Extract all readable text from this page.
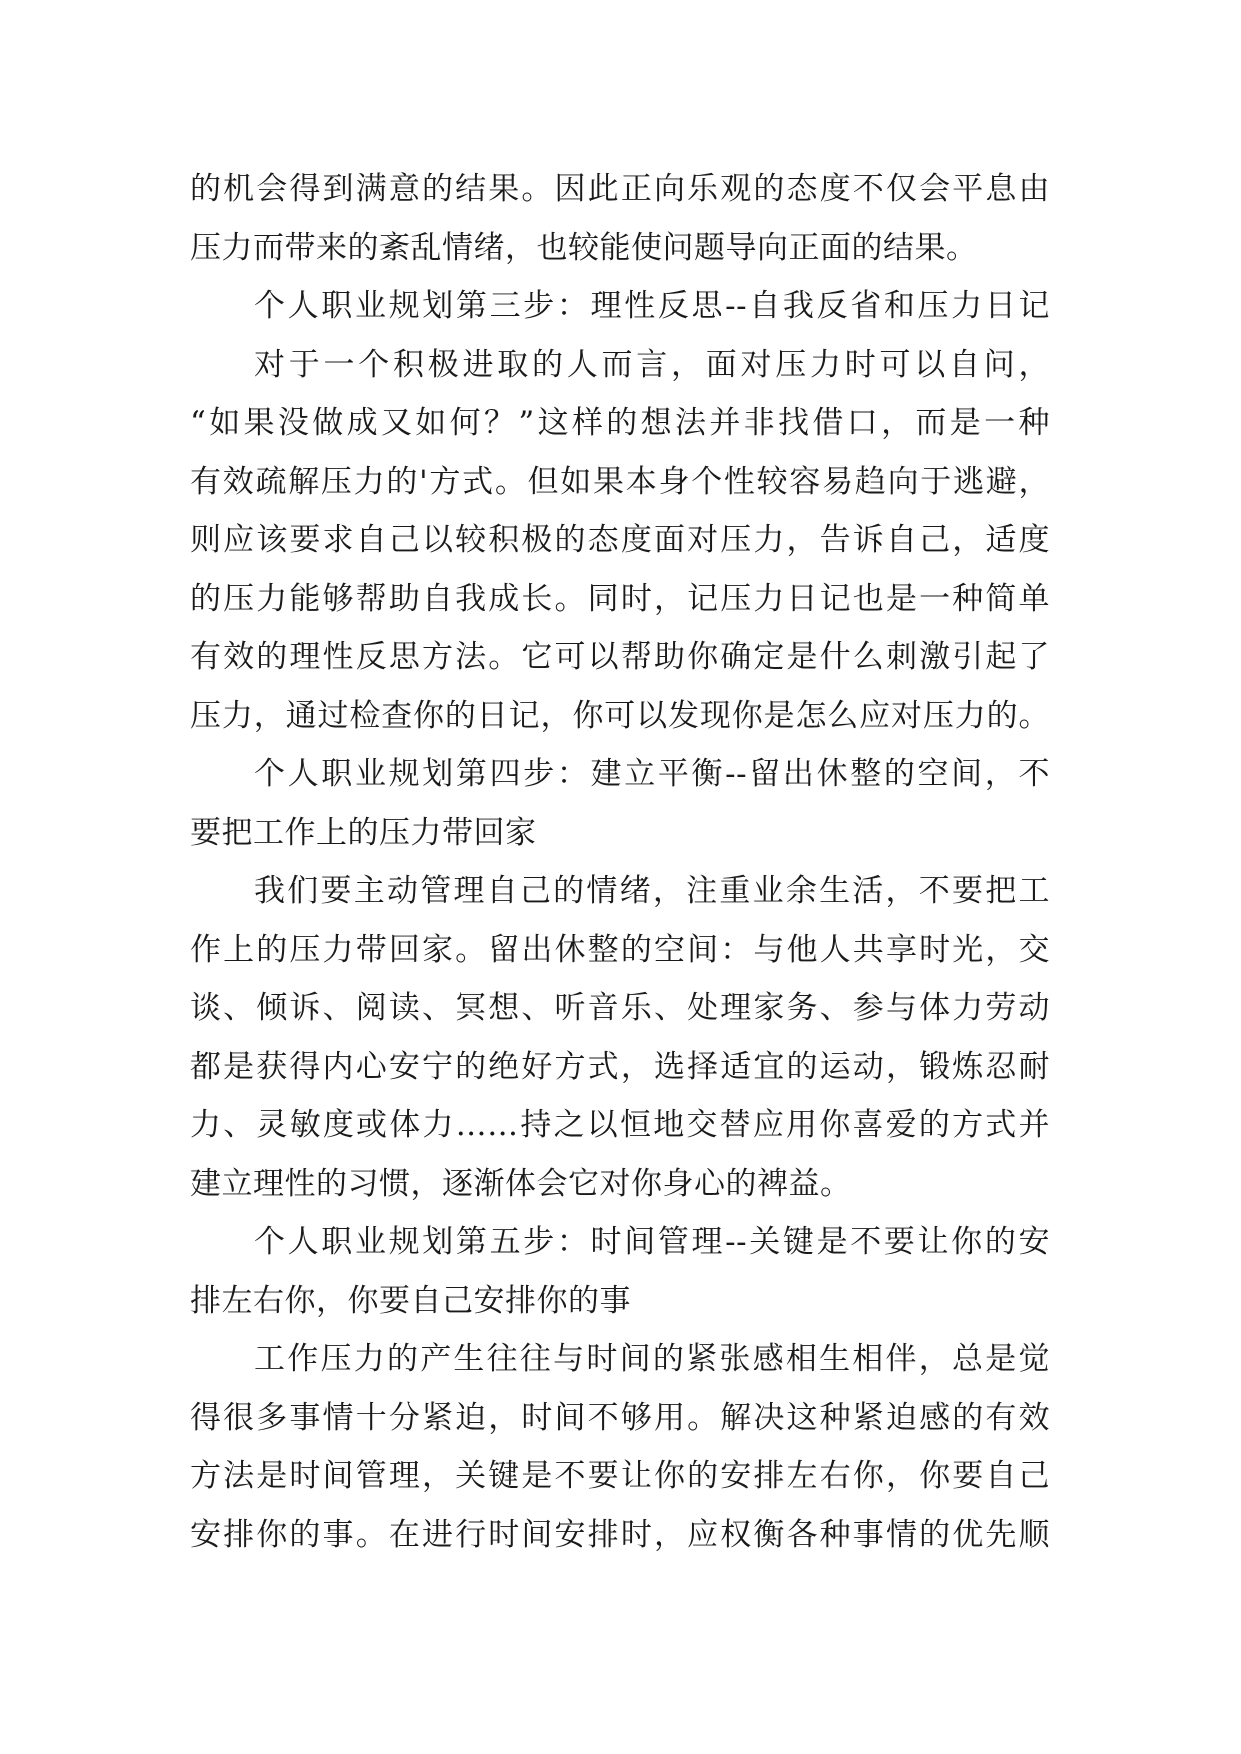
的机会得到满意的结果。因此正向乐观的态度不仅会平息由
压力而带来的紊乱情绪，也较能使问题导向正面的结果。
个人职业规划第三步：理性反思--自我反省和压力日记
对于一个积极进取的人而言，面对压力时可以自问，
“如果没做成又如何？”这样的想法并非找借口，而是一种
有效疏解压力的'方式。但如果本身个性较容易趋向于逃避，
则应该要求自己以较积极的态度面对压力，告诉自己，适度
的压力能够帮助自我成长。同时，记压力日记也是一种简单
有效的理性反思方法。它可以帮助你确定是什么刺激引起了
压力，通过检查你的日记，你可以发现你是怎么应对压力的。
个人职业规划第四步：建立平衡--留出休整的空间，不
要把工作上的压力带回家
我们要主动管理自己的情绪，注重业余生活，不要把工
作上的压力带回家。留出休整的空间：与他人共享时光，交
谈、倾诉、阅读、冥想、听音乐、处理家务、参与体力劳动
都是获得内心安宁的绝好方式，选择适宜的运动，锻炼忍耐
力、灵敏度或体力……持之以恒地交替应用你喜爱的方式并
建立理性的习惯，逐渐体会它对你身心的裨益。
个人职业规划第五步：时间管理--关键是不要让你的安
排左右你，你要自己安排你的事
工作压力的产生往往与时间的紧张感相生相伴，总是觉
得很多事情十分紧迫，时间不够用。解决这种紧迫感的有效
方法是时间管理，关键是不要让你的安排左右你，你要自己
安排你的事。在进行时间安排时，应权衡各种事情的优先顺
